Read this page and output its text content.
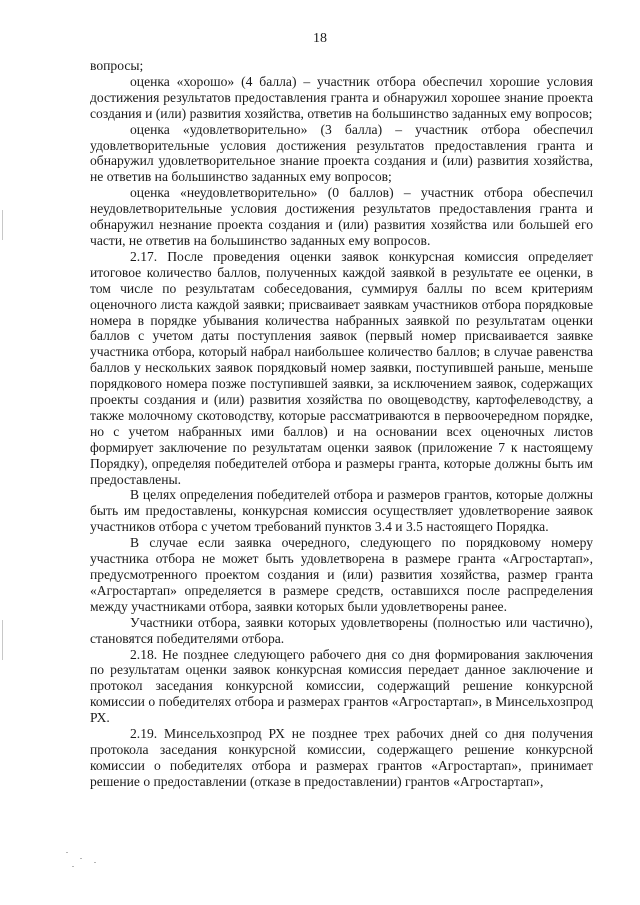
18

вопросы;

оценка «хорошо» (4 балла) – участник отбора обеспечил хорошие условия достижения результатов предоставления гранта и обнаружил хорошее знание проекта создания и (или) развития хозяйства, ответив на большинство заданных ему вопросов;

оценка «удовлетворительно» (3 балла) – участник отбора обеспечил удовлетворительные условия достижения результатов предоставления гранта и обнаружил удовлетворительное знание проекта создания и (или) развития хозяйства, не ответив на большинство заданных ему вопросов;

оценка «неудовлетворительно» (0 баллов) – участник отбора обеспечил неудовлетворительные условия достижения результатов предоставления гранта и обнаружил незнание проекта создания и (или) развития хозяйства или большей его части, не ответив на большинство заданных ему вопросов.

2.17. После проведения оценки заявок конкурсная комиссия определяет итоговое количество баллов, полученных каждой заявкой в результате ее оценки, в том числе по результатам собеседования, суммируя баллы по всем критериям оценочного листа каждой заявки; присваивает заявкам участников отбора порядковые номера в порядке убывания количества набранных заявкой по результатам оценки баллов с учетом даты поступления заявок (первый номер присваивается заявке участника отбора, который набрал наибольшее количество баллов; в случае равенства баллов у нескольких заявок порядковый номер заявки, поступившей раньше, меньше порядкового номера позже поступившей заявки, за исключением заявок, содержащих проекты создания и (или) развития хозяйства по овощеводству, картофелеводству, а также молочному скотоводству, которые рассматриваются в первоочередном порядке, но с учетом набранных ими баллов) и на основании всех оценочных листов формирует заключение по результатам оценки заявок (приложение 7 к настоящему Порядку), определяя победителей отбора и размеры гранта, которые должны быть им предоставлены.

В целях определения победителей отбора и размеров грантов, которые должны быть им предоставлены, конкурсная комиссия осуществляет удовлетворение заявок участников отбора с учетом требований пунктов 3.4 и 3.5 настоящего Порядка.

В случае если заявка очередного, следующего по порядковому номеру участника отбора не может быть удовлетворена в размере гранта «Агростартап», предусмотренного проектом создания и (или) развития хозяйства, размер гранта «Агростартап» определяется в размере средств, оставшихся после распределения между участниками отбора, заявки которых были удовлетворены ранее.

Участники отбора, заявки которых удовлетворены (полностью или частично), становятся победителями отбора.

2.18. Не позднее следующего рабочего дня со дня формирования заключения по результатам оценки заявок конкурсная комиссия передает данное заключение и протокол заседания конкурсной комиссии, содержащий решение конкурсной комиссии о победителях отбора и размерах грантов «Агростартап», в Минсельхозпрод РХ.

2.19. Минсельхозпрод РХ не позднее трех рабочих дней со дня получения протокола заседания конкурсной комиссии, содержащего решение конкурсной комиссии о победителях отбора и размерах грантов «Агростартап», принимает решение о предоставлении (отказе в предоставлении) грантов «Агростартап»,
